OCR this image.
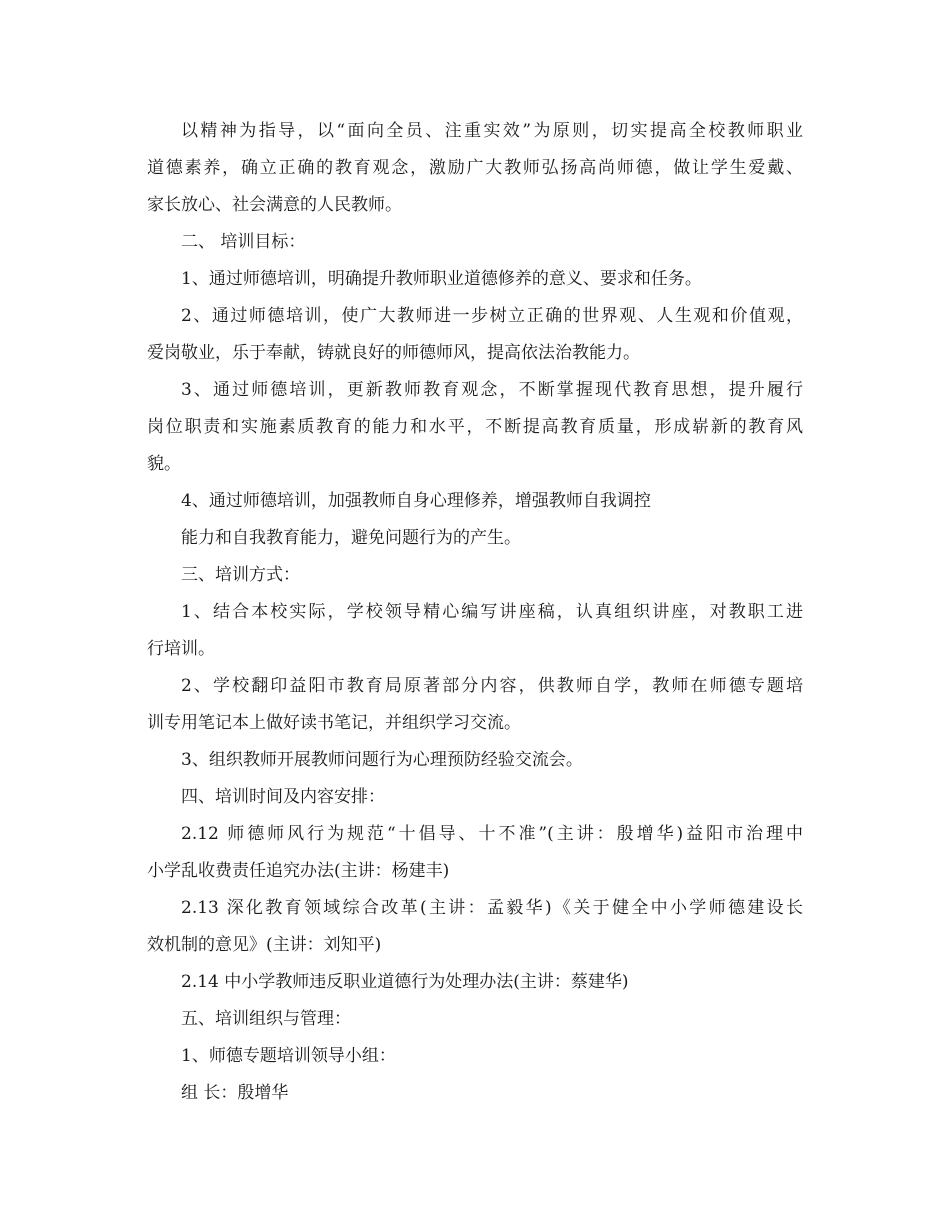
以精神为指导，以“面向全员、注重实效”为原则，切实提高全校教师职业
道德素养，确立正确的教育观念，激励广大教师弘扬高尚师德，做让学生爱戴、
家长放心、社会满意的人民教师。
二、 培训目标：
1、通过师德培训，明确提升教师职业道德修养的意义、要求和任务。
2、通过师德培训，使广大教师进一步树立正确的世界观、人生观和价值观，
爱岗敬业，乐于奉献，铸就良好的师德师风，提高依法治教能力。
3、通过师德培训，更新教师教育观念，不断掌握现代教育思想，提升履行
岗位职责和实施素质教育的能力和水平，不断提高教育质量，形成崭新的教育风
貌。
4、通过师德培训，加强教师自身心理修养，增强教师自我调控
能力和自我教育能力，避免问题行为的产生。
三、培训方式：
1、结合本校实际，学校领导精心编写讲座稿，认真组织讲座，对教职工进
行培训。
2、学校翻印益阳市教育局原著部分内容，供教师自学，教师在师德专题培
训专用笔记本上做好读书笔记，并组织学习交流。
3、组织教师开展教师问题行为心理预防经验交流会。
四、培训时间及内容安排：
2.12 师德师风行为规范“十倡导、十不准”(主讲：殷增华)益阳市治理中
小学乱收费责任追究办法(主讲：杨建丰)
2.13 深化教育领域综合改革(主讲：孟毅华)《关于健全中小学师德建设长
效机制的意见》(主讲：刘知平)
2.14 中小学教师违反职业道德行为处理办法(主讲：蔡建华)
五、培训组织与管理：
1、师德专题培训领导小组：
组 长：殷增华
